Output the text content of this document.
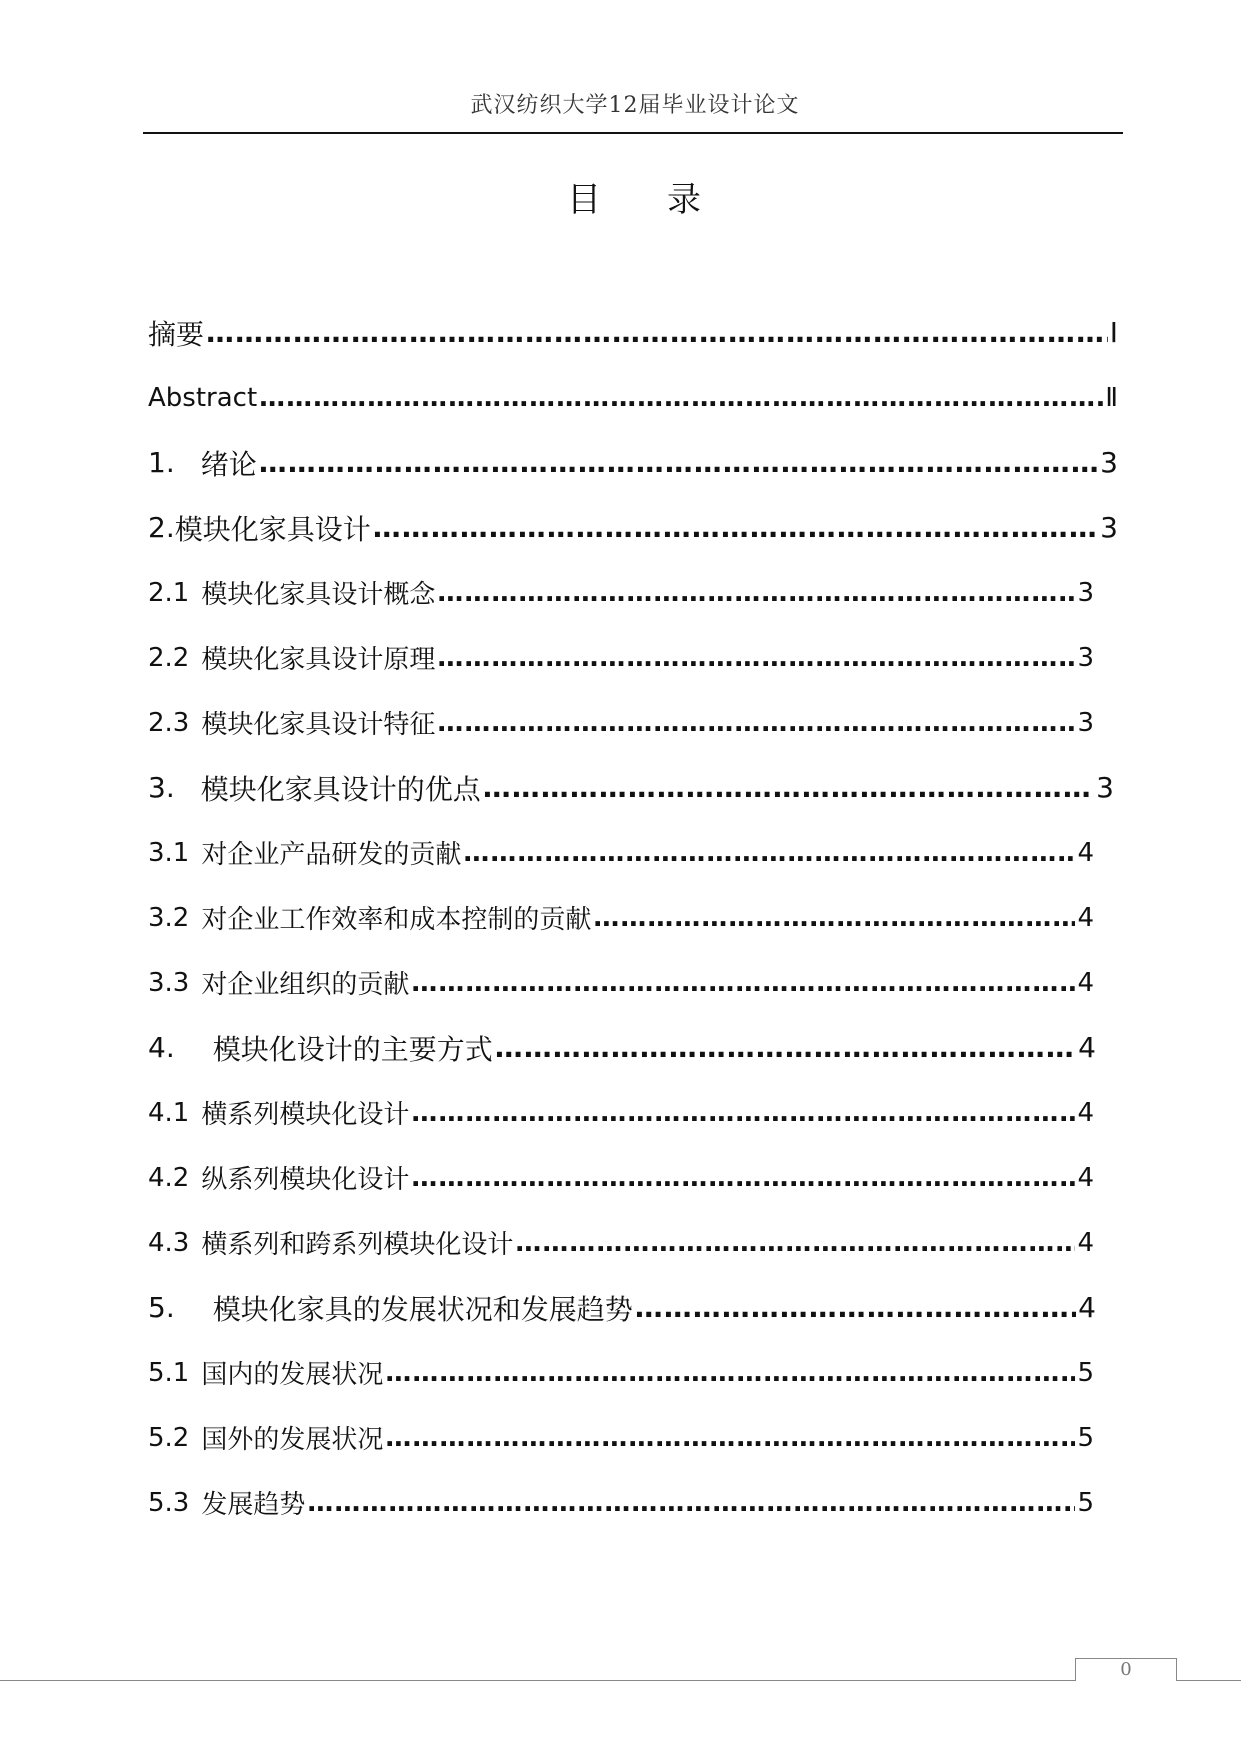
武汉纺织大学12届毕业设计论文
目 录
摘要 …………………………………………………………………………………………………………………………………………………………………………	Ⅰ
Abstract …………………………………………………………………………………………………………………………………………………………………………	Ⅱ
1. 绪论 …………………………………………………………………………………………………………………………………………………………………………	3
2. 模块化家具设计 …………………………………………………………………………………………………………………………………………………………………………	3
2.1 模块化家具设计概念 …………………………………………………………………………………………………………………………………………………………………………	3
2.2 模块化家具设计原理 …………………………………………………………………………………………………………………………………………………………………………	3
2.3 模块化家具设计特征 …………………………………………………………………………………………………………………………………………………………………………	3
3. 模块化家具设计的优点 …………………………………………………………………………………………………………………………………………………………………………	3
3.1 对企业产品研发的贡献 …………………………………………………………………………………………………………………………………………………………………………	4
3.2 对企业工作效率和成本控制的贡献 …………………………………………………………………………………………………………………………………………………………………………	4
3.3 对企业组织的贡献 …………………………………………………………………………………………………………………………………………………………………………	4
4. 模块化设计的主要方式 …………………………………………………………………………………………………………………………………………………………………………	4
4.1 横系列模块化设计 …………………………………………………………………………………………………………………………………………………………………………	4
4.2 纵系列模块化设计 …………………………………………………………………………………………………………………………………………………………………………	4
4.3 横系列和跨系列模块化设计 …………………………………………………………………………………………………………………………………………………………………………	4
5. 模块化家具的发展状况和发展趋势 …………………………………………………………………………………………………………………………………………………………………………	4
5.1 国内的发展状况 …………………………………………………………………………………………………………………………………………………………………………	5
5.2 国外的发展状况 …………………………………………………………………………………………………………………………………………………………………………	5
5.3 发展趋势 …………………………………………………………………………………………………………………………………………………………………………	5
0
